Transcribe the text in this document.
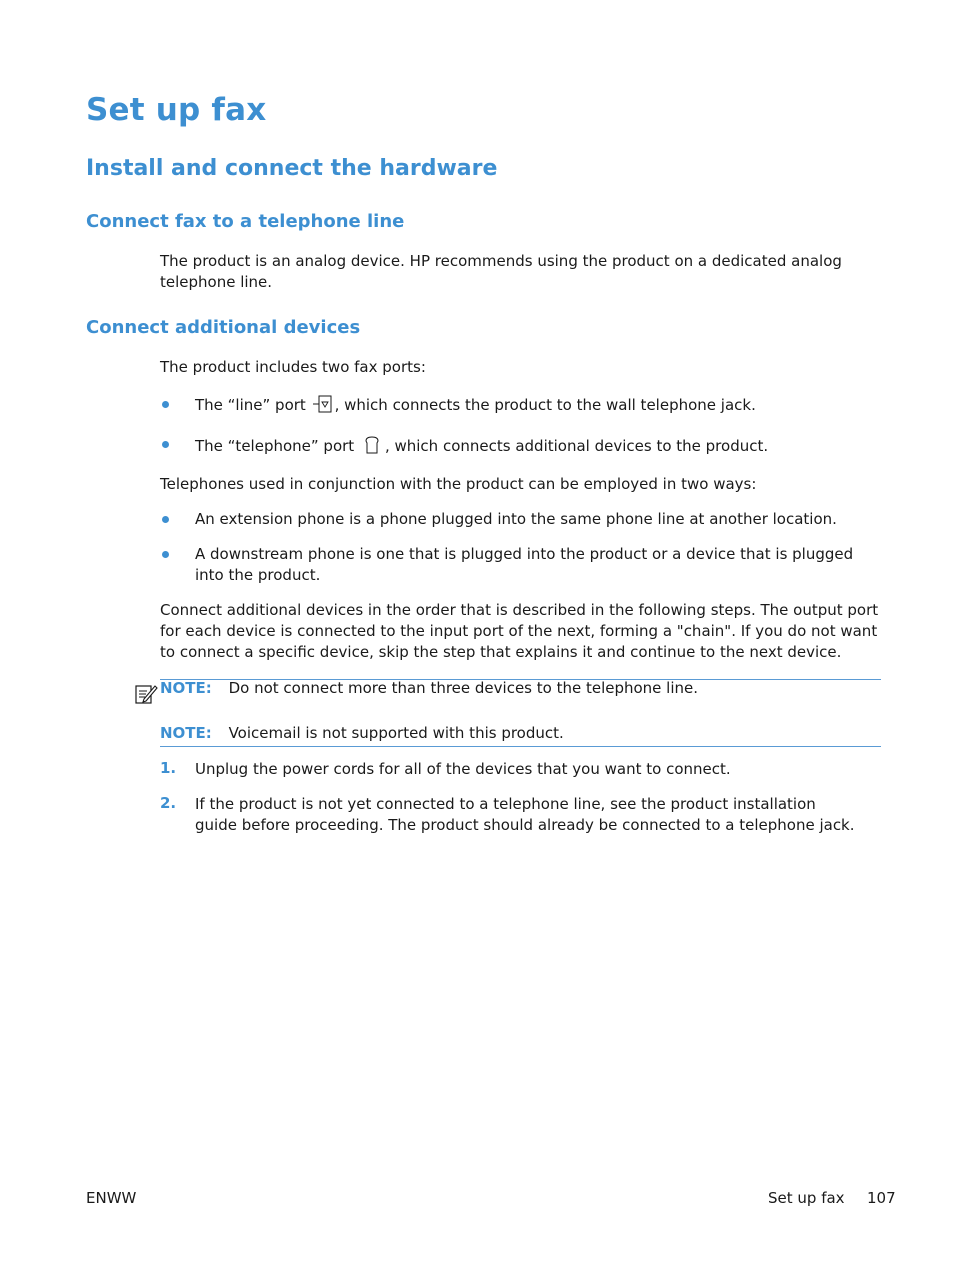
Set up fax
Install and connect the hardware
Connect fax to a telephone line
The product is an analog device. HP recommends using the product on a dedicated analog telephone line.
Connect additional devices
The product includes two fax ports:
The “line” port , which connects the product to the wall telephone jack.
The “telephone” port , which connects additional devices to the product.
Telephones used in conjunction with the product can be employed in two ways:
An extension phone is a phone plugged into the same phone line at another location.
A downstream phone is one that is plugged into the product or a device that is plugged into the product.
Connect additional devices in the order that is described in the following steps. The output port for each device is connected to the input port of the next, forming a "chain". If you do not want to connect a specific device, skip the step that explains it and continue to the next device.
NOTE: Do not connect more than three devices to the telephone line.
NOTE: Voicemail is not supported with this product.
1. Unplug the power cords for all of the devices that you want to connect.
2. If the product is not yet connected to a telephone line, see the product installation guide before proceeding. The product should already be connected to a telephone jack.
ENWW	Set up fax 107
